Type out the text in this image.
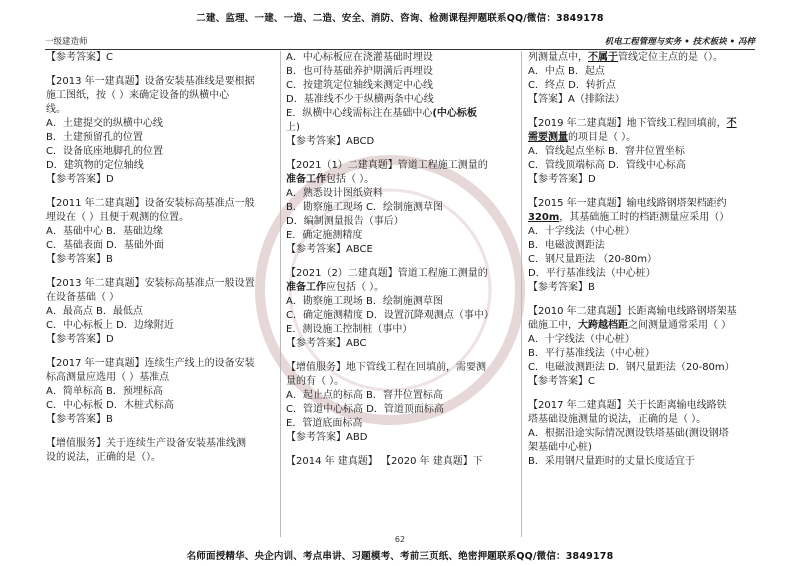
二建、监理、一建、一造、二造、安全、消防、咨询、检测课程押题联系QQ/微信：3849178
一级建造师	机电工程管理与实务 • 技术板块 • 冯梓
【参考答案】C
【2013 年一建真题】设备安装基准线是要根据
施工图纸，按（ ）来确定设备的纵横中心
线。
A．土建提交的纵横中心线
B．土建预留孔的位置
C．设备底座地脚孔的位置
D．建筑物的定位轴线
【参考答案】D
【2011 年二建真题】设备安装标高基准点一般
埋设在（ ）且便于观测的位置。
A．基础中心 B．基础边缘
C．基础表面 D．基础外面
【参考答案】B
【2013 年二建真题】安装标高基准点一般设置
在设备基础（ ）
A．最高点 B．最低点
C．中心标板上 D．边缘附近
【参考答案】D
【2017 年一建真题】连续生产线上的设备安装
标高测量应选用（ ）基准点
A．简单标高 B．预埋标高
C．中心标板 D．木桩式标高
【参考答案】B
【增值服务】关于连续生产设备安装基准线测
设的说法，正确的是（）。
A．中心标板应在浇灌基础时埋设
B．也可待基础养护期满后再埋设
C．按建筑定位轴线来测定中心线
D．基准线不少于纵横两条中心线
E．纵横中心线需标注在基础中心(中心标板
上)
【参考答案】ABCD
【2021（1）二建真题】管道工程施工测量的
准备工作包括（ ）。
A．熟悉设计图纸资料
B．勘察施工现场 C．绘制施测草图
D．编制测量报告（事后）
E．确定施测精度
【参考答案】ABCE
【2021（2）二建真题】管道工程施工测量的
准备工作应包括（ ）。
A．勘察施工现场 B．绘制施测草图
C．确定施测精度 D．设置沉降观测点（事中）
E．测设施工控制桩（事中）
【参考答案】ABC
【增值服务】地下管线工程在回填前，需要测
量的有（ ）。
A．起止点的标高 B．窨井位置标高
C．管道中心标高 D．管道顶面标高
E．管道底面标高
【参考答案】ABD
【2014 年 建真题】 【2020 年 建真题】下
列测量点中，不属于管线定位主点的是（）。
A．中点 B．起点
C．终点 D．转折点
【答案】A（排除法）
【2019 年二建真题】地下管线工程回填前，不
需要测量的项目是（ ）。
A．管线起点坐标 B．窨井位置坐标
C．管线顶端标高 D．管线中心标高
【参考答案】D
【2015 年一建真题】输电线路钢塔架档距约
320m，其基础施工时的档距测量应采用（）
A．十字线法（中心桩）
B．电磁波测距法
C．钢尺量距法 （20-80m）
D．平行基准线法（中心桩）
【参考答案】B
【2010 年二建真题】长距离输电线路钢塔架基
础施工中，大跨越档距之间测量通常采用（ ）
A．十字线法（中心桩）
B．平行基准线法（中心桩）
C．电磁波测距法 D．钢尺量距法（20-80m）
【参考答案】C
【2017 年二建真题】关于长距离输电线路铁
塔基础设施测量的说法，正确的是（ ）。
A．根据沿途实际情况测设铁塔基础(测设钢塔
架基础中心桩)
B．采用钢尺量距时的丈量长度适宜于
62
名师面授精华、央企内训、考点串讲、习题模考、考前三页纸、绝密押题联系QQ/微信：3849178
